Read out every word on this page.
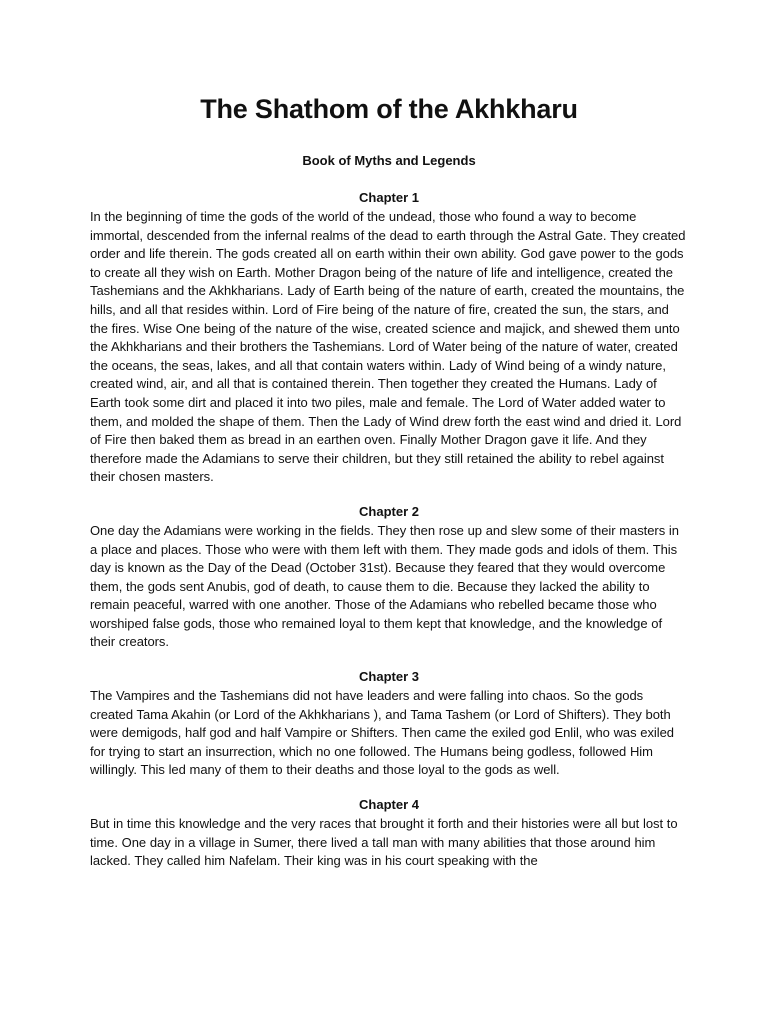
The Shathom of the Akhkharu
Book of Myths and Legends
Chapter 1

In the beginning of time the gods of the world of the undead, those who found a way to become immortal, descended from the infernal realms of the dead to earth through the Astral Gate. They created order and life therein. The gods created all on earth within their own ability. God gave power to the gods to create all they wish on Earth. Mother Dragon being of the nature of life and intelligence, created the Tashemians and the Akhkharians. Lady of Earth being of the nature of earth, created the mountains, the hills, and all that resides within. Lord of Fire being of the nature of fire, created the sun, the stars, and the fires. Wise One being of the nature of the wise, created science and majick, and shewed them unto the Akhkharians and their brothers the Tashemians. Lord of Water being of the nature of water, created the oceans, the seas, lakes, and all that contain waters within. Lady of Wind being of a windy nature, created wind, air, and all that is contained therein. Then together they created the Humans. Lady of Earth took some dirt and placed it into two piles, male and female. The Lord of Water added water to them, and molded the shape of them. Then the Lady of Wind drew forth the east wind and dried it. Lord of Fire then baked them as bread in an earthen oven. Finally Mother Dragon gave it life. And they therefore made the Adamians to serve their children, but they still retained the ability to rebel against their chosen masters.

Chapter 2

One day the Adamians were working in the fields. They then rose up and slew some of their masters in a place and places. Those who were with them left with them. They made gods and idols of them. This day is known as the Day of the Dead (October 31st). Because they feared that they would overcome them, the gods sent Anubis, god of death, to cause them to die. Because they lacked the ability to remain peaceful, warred with one another. Those of the Adamians who rebelled became those who worshiped false gods, those who remained loyal to them kept that knowledge, and the knowledge of their creators.

Chapter 3

The Vampires and the Tashemians did not have leaders and were falling into chaos. So the gods created Tama Akahin (or Lord of the Akhkharians ), and Tama Tashem (or Lord of Shifters). They both were demigods, half god and half Vampire or Shifters. Then came the exiled god Enlil, who was exiled for trying to start an insurrection, which no one followed. The Humans being godless, followed Him willingly. This led many of them to their deaths and those loyal to the gods as well.

Chapter 4

But in time this knowledge and the very races that brought it forth and their histories were all but lost to time. One day in a village in Sumer, there lived a tall man with many abilities that those around him lacked. They called him Nafelam. Their king was in his court speaking with the
